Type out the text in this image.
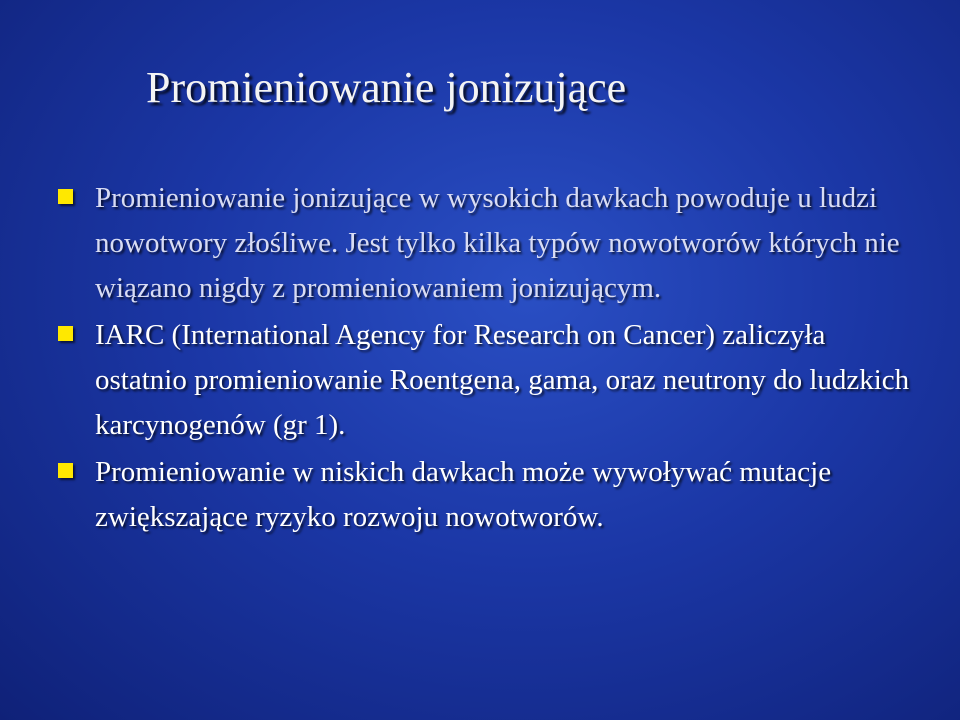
Promieniowanie jonizujące
Promieniowanie jonizujące w wysokich dawkach powoduje u ludzi nowotwory złośliwe. Jest tylko kilka typów nowotworów których nie wiązano nigdy z promieniowaniem jonizującym.
IARC (International Agency for Research on Cancer) zaliczyła ostatnio promieniowanie Roentgena, gama, oraz neutrony do ludzkich karcynogenów (gr 1).
Promieniowanie w niskich dawkach może wywoływać mutacje zwiększające ryzyko rozwoju nowotworów.
